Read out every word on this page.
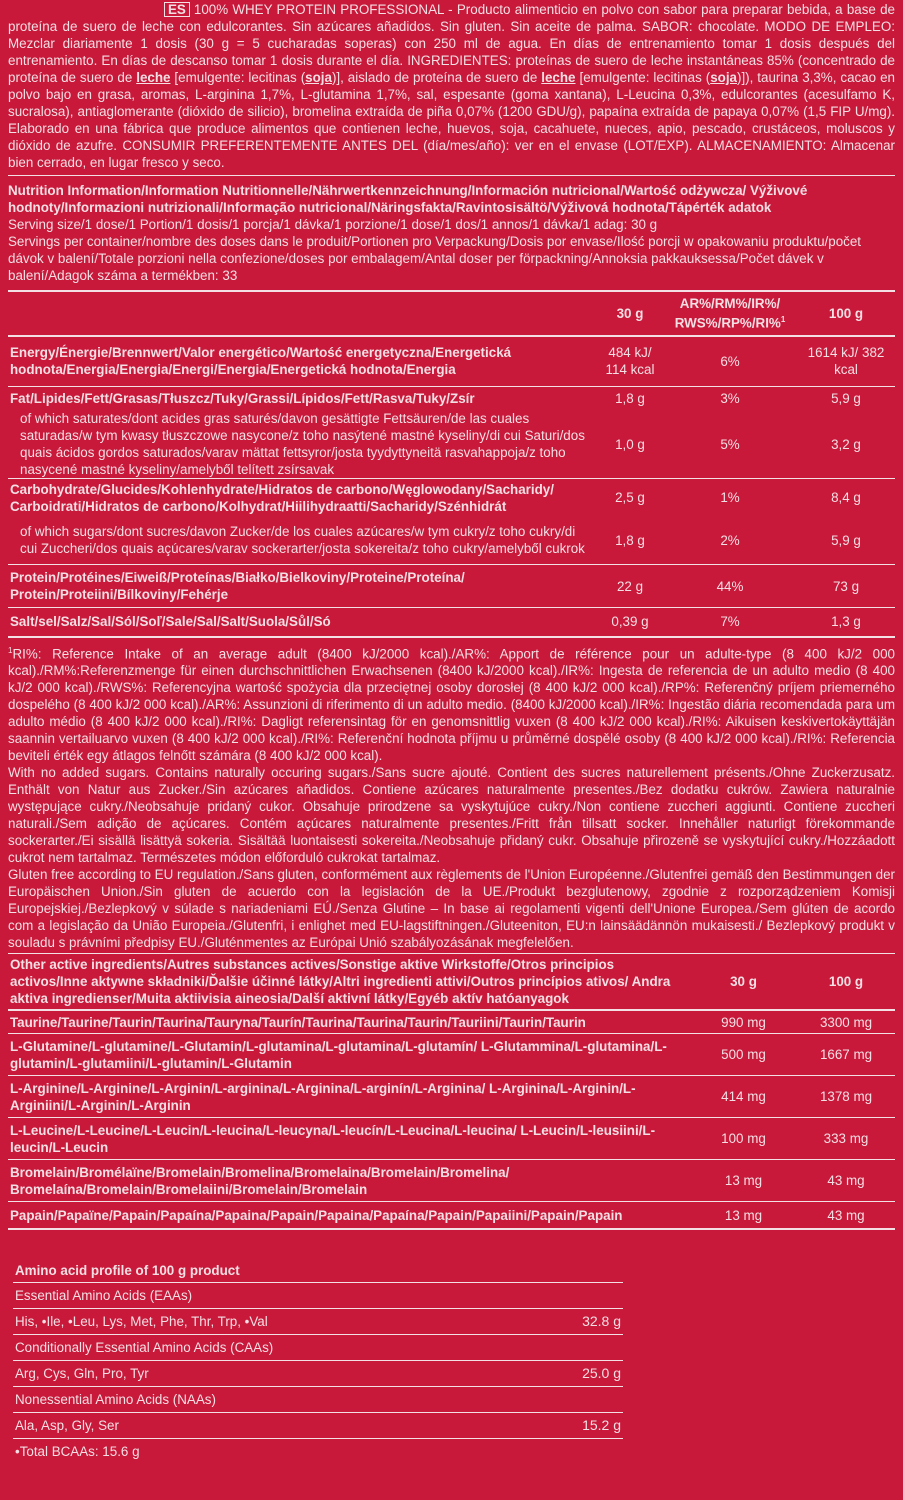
ES 100% WHEY PROTEIN PROFESSIONAL - Producto alimenticio en polvo con sabor para preparar bebida, a base de proteína de suero de leche con edulcorantes. Sin azúcares añadidos. Sin gluten. Sin aceite de palma. SABOR: chocolate. MODO DE EMPLEO: Mezclar diariamente 1 dosis (30 g = 5 cucharadas soperas) con 250 ml de agua. En días de entrenamiento tomar 1 dosis después del entrenamiento. En días de descanso tomar 1 dosis durante el día. INGREDIENTES: proteínas de suero de leche instantáneas 85% (concentrado de proteína de suero de leche [emulgente: lecitinas (soja)], aislado de proteína de suero de leche [emulgente: lecitinas (soja)]), taurina 3,3%, cacao en polvo bajo en grasa, aromas, L-arginina 1,7%, L-glutamina 1,7%, sal, espesante (goma xantana), L-Leucina 0,3%, edulcorantes (acesulfamo K, sucralosa), antiaglomerante (dióxido de silicio), bromelina extraída de piña 0,07% (1200 GDU/g), papaína extraída de papaya 0,07% (1,5 FIP U/mg). Elaborado en una fábrica que produce alimentos que contienen leche, huevos, soja, cacahuete, nueces, apio, pescado, crustáceos, moluscos y dióxido de azufre. CONSUMIR PREFERENTEMENTE ANTES DEL (día/mes/año): ver en el envase (LOT/EXP). ALMACENAMIENTO: Almacenar bien cerrado, en lugar fresco y seco.
Nutrition Information/Information Nutritionnelle/Nährwertkennzeichnung/Información nutricional/Wartość odżywcza/ Výživové hodnoty/Informazioni nutrizionali/Informação nutricional/Näringsfakta/Ravintosisältö/Výživová hodnota/Tápérték adatok
Serving size/1 dose/1 Portion/1 dosis/1 porcja/1 dávka/1 porzione/1 dose/1 dos/1 annos/1 dávka/1 adag: 30 g
Servings per container/nombre des doses dans le produit/Portionen pro Verpackung/Dosis por envase/Ilość porcji w opakowaniu produktu/počet dávok v balení/Totale porzioni nella confezione/doses por embalagem/Antal doser per förpackning/Annoksia pakkauksessa/Počet dávek v balení/Adagok száma a termékben: 33
	30 g	AR%/RM%/IR%/ RWS%/RP%/RI%$^1$	100 g
Energy/Énergie/Brennwert/Valor energético/Wartość energetyczna/Energetická hodnota/Energia/Energia/Energi/Energia/Energetická hodnota/Energia	484 kJ/ 114 kcal	6%	1614 kJ/ 382 kcal
Fat/Lipides/Fett/Grasas/Tłuszcz/Tuky/Grassi/Lípidos/Fett/Rasva/Tuky/Zsír	1,8 g	3%	5,9 g
of which saturates/dont acides gras saturés/davon gesättigte Fettsäuren/de las cuales saturadas/w tym kwasy tłuszczowe nasycone/z toho nasýtené mastné kyseliny/di cui Saturi/dos quais ácidos gordos saturados/varav mättat fettsyror/josta tyydyttyneitä rasvahappoja/z toho nasycené mastné kyseliny/amelyből telített zsírsavak	1,0 g	5%	3,2 g
Carbohydrate/Glucides/Kohlenhydrate/Hidratos de carbono/Węglowodany/Sacharidy/ Carboidrati/Hidratos de carbono/Kolhydrat/Hiilihydraatti/Sacharidy/Szénhidrát	2,5 g	1%	8,4 g
of which sugars/dont sucres/davon Zucker/de los cuales azúcares/w tym cukry/z toho cukry/di cui Zuccheri/dos quais açúcares/varav sockerarter/josta sokereita/z toho cukry/amelyből cukrok	1,8 g	2%	5,9 g
Protein/Protéines/Eiweiß/Proteínas/Białko/Bielkoviny/Proteine/Proteína/ Protein/Proteiini/Bílkoviny/Fehérje	22 g	44%	73 g
Salt/sel/Salz/Sal/Sól/Soľ/Sale/Sal/Salt/Suola/Sůl/Só	0,39 g	7%	1,3 g
$^1$RI%: Reference Intake of an average adult (8400 kJ/2000 kcal)./AR%: Apport de référence pour un adulte-type (8 400 kJ/2 000 kcal)./RM%:Referenzmenge für einen durchschnittlichen Erwachsenen (8400 kJ/2000 kcal)./IR%: Ingesta de referencia de un adulto medio (8 400 kJ/2 000 kcal)./RWS%: Referencyjna wartość spożycia dla przeciętnej osoby dorosłej (8 400 kJ/2 000 kcal)./RP%: Referenčný príjem priemerného dospelého (8 400 kJ/2 000 kcal)./AR%: Assunzioni di riferimento di un adulto medio. (8400 kJ/2000 kcal)./IR%: Ingestão diária recomendada para um adulto médio (8 400 kJ/2 000 kcal)./RI%: Dagligt referensintag för en genomsnittlig vuxen (8 400 kJ/2 000 kcal)./RI%: Aikuisen keskivertokäyttäjän saannin vertailuarvo vuxen (8 400 kJ/2 000 kcal)./RI%: Referenční hodnota příjmu u průměrné dospělé osoby (8 400 kJ/2 000 kcal)./RI%: Referencia beviteli érték egy átlagos felnőtt számára (8 400 kJ/2 000 kcal).
With no added sugars. Contains naturally occuring sugars./Sans sucre ajouté. Contient des sucres naturellement présents./Ohne Zuckerzusatz. Enthält von Natur aus Zucker./Sin azúcares añadidos. Contiene azúcares naturalmente presentes./Bez dodatku cukrów. Zawiera naturalnie występujące cukry./Neobsahuje pridaný cukor. Obsahuje prirodzene sa vyskytujúce cukry./Non contiene zuccheri aggiunti. Contiene zuccheri naturali./Sem adição de açúcares. Contém açúcares naturalmente presentes./Fritt från tillsatt socker. Innehåller naturligt förekommande sockerarter./Ei sisällä lisättyä sokeria. Sisältää luontaisesti sokereita./Neobsahuje přidaný cukr. Obsahuje přirozeně se vyskytující cukry./Hozzáadott cukrot nem tartalmaz. Természetes módon előforduló cukrokat tartalmaz.
Gluten free according to EU regulation./Sans gluten, conformément aux règlements de l'Union Européenne./Glutenfrei gemäß den Bestimmungen der Europäischen Union./Sin gluten de acuerdo con la legislación de la UE./Produkt bezglutenowy, zgodnie z rozporządzeniem Komisji Europejskiej./Bezlepkový v súlade s nariadeniami EÚ./Senza Glutine – In base ai regolamenti vigenti dell'Unione Europea./Sem glúten de acordo com a legislação da União Europeia./Glutenfri, i enlighet med EU-lagstiftningen./Gluteeniton, EU:n lainsäädännön mukaisesti./ Bezlepkový produkt v souladu s právními předpisy EU./Gluténmentes az Európai Unió szabályozásának megfelelően.
Other active ingredients/Autres substances actives/Sonstige aktive Wirkstoffe/Otros principios activos/Inne aktywne składniki/Ďalšie účinné látky/Altri ingredienti attivi/Outros princípios ativos/ Andra aktiva ingredienser/Muita aktiivisia aineosia/Další aktivní látky/Egyéb aktív hatóanyagok	30 g	100 g
Taurine/Taurine/Taurin/Taurina/Tauryna/Taurín/Taurina/Taurina/Taurin/Tauriini/Taurin/Taurin	990 mg	3300 mg
L-Glutamine/L-glutamine/L-Glutamin/L-glutamina/L-glutamina/L-glutamín/ L-Glutammina/L-glutamina/L-glutamin/L-glutamiini/L-glutamin/L-Glutamin	500 mg	1667 mg
L-Arginine/L-Arginine/L-Arginin/L-arginina/L-Arginina/L-arginín/L-Arginina/ L-Arginina/L-Arginin/L-Arginiini/L-Arginin/L-Arginin	414 mg	1378 mg
L-Leucine/L-Leucine/L-Leucin/L-leucina/L-leucyna/L-leucín/L-Leucina/L-leucina/ L-Leucin/L-leusiini/L-leucin/L-Leucin	100 mg	333 mg
Bromelain/Bromélaïne/Bromelain/Bromelina/Bromelaina/Bromelain/Bromelina/ Bromelaína/Bromelain/Bromelaiini/Bromelain/Bromelain	13 mg	43 mg
Papain/Papaïne/Papain/Papaína/Papaina/Papain/Papaina/Papaína/Papain/Papaiini/Papain/Papain	13 mg	43 mg
Amino acid profile of 100 g product
Essential Amino Acids (EAAs)	
His, •Ile, •Leu, Lys, Met, Phe, Thr, Trp, •Val	32.8 g
Conditionally Essential Amino Acids (CAAs)	
Arg, Cys, Gln, Pro, Tyr	25.0 g
Nonessential Amino Acids (NAAs)	
Ala, Asp, Gly, Ser	15.2 g
•Total BCAAs: 15.6 g	
